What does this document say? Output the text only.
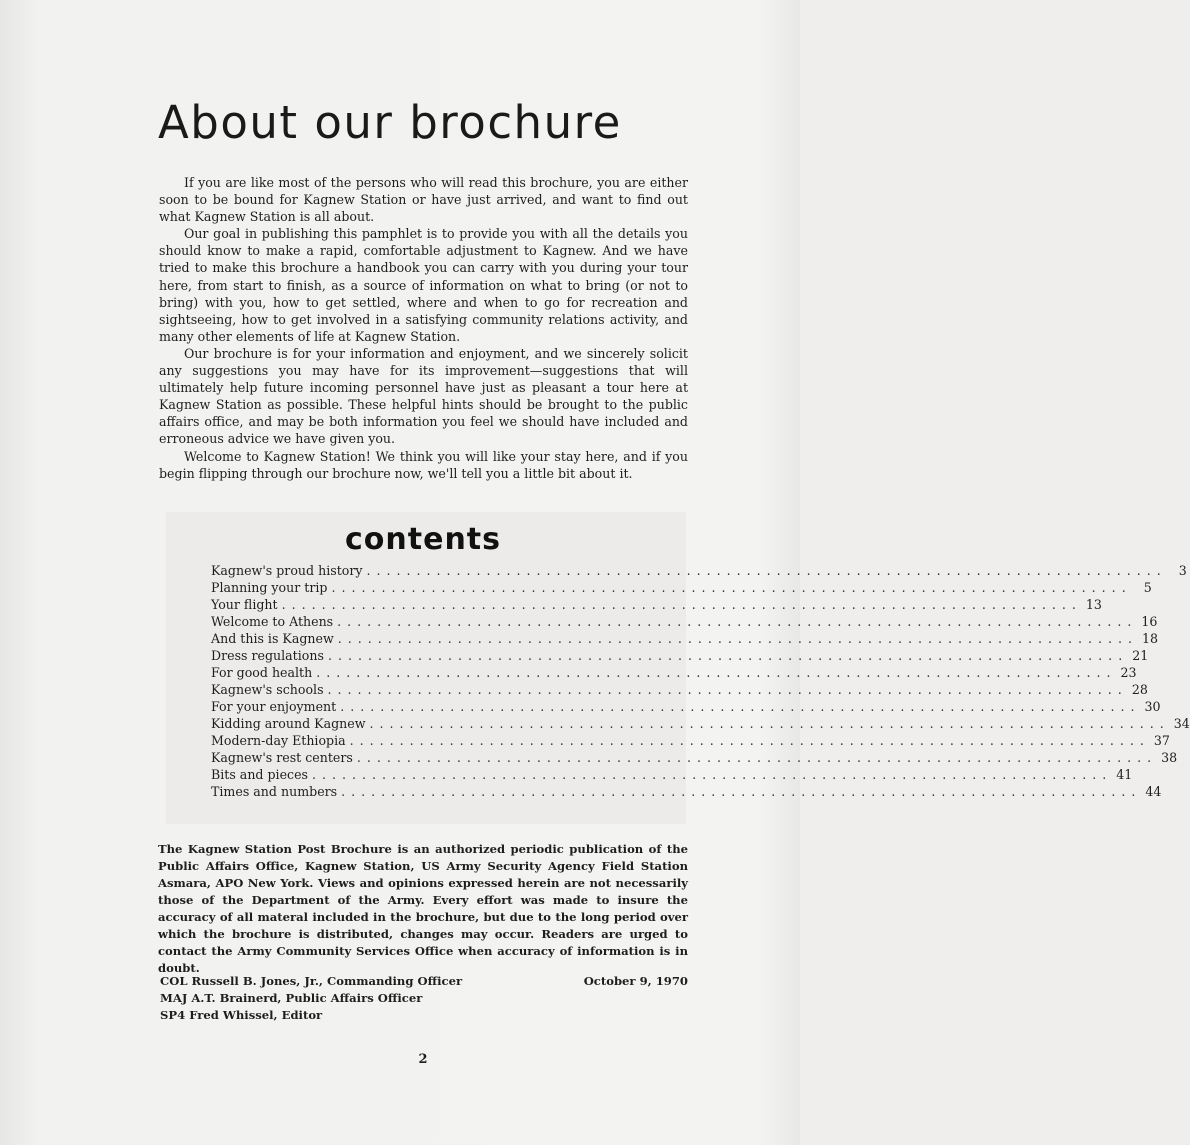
About our brochure

If you are like most of the persons who will read this brochure, you are either soon to be bound for Kagnew Station or have just arrived, and want to find out what Kagnew Station is all about.

Our goal in publishing this pamphlet is to provide you with all the details you should know to make a rapid, comfortable adjustment to Kagnew. And we have tried to make this brochure a handbook you can carry with you during your tour here, from start to finish, as a source of information on what to bring (or not to bring) with you, how to get settled, where and when to go for recreation and sightseeing, how to get involved in a satisfying community relations activity, and many other elements of life at Kagnew Station.

Our brochure is for your information and enjoyment, and we sincerely solicit any suggestions you may have for its improvement—suggestions that will ultimately help future incoming personnel have just as pleasant a tour here at Kagnew Station as possible. These helpful hints should be brought to the public affairs office, and may be both information you feel we should have included and erroneous advice we have given you.

Welcome to Kagnew Station! We think you will like your stay here, and if you begin flipping through our brochure now, we'll tell you a little bit about it.

contents
Kagnew's proud history ................................................................................ 3
Planning your trip ................................................................................ 5
Your flight ................................................................................ 13
Welcome to Athens ................................................................................ 16
And this is Kagnew ................................................................................ 18
Dress regulations ................................................................................ 21
For good health ................................................................................ 23
Kagnew's schools ................................................................................ 28
For your enjoyment ................................................................................ 30
Kidding around Kagnew ................................................................................ 34
Modern-day Ethiopia ................................................................................ 37
Kagnew's rest centers ................................................................................ 38
Bits and pieces ................................................................................ 41
Times and numbers ................................................................................ 44
The Kagnew Station Post Brochure is an authorized periodic publication of the Public Affairs Office, Kagnew Station, US Army Security Agency Field Station Asmara, APO New York. Views and opinions expressed herein are not necessarily those of the Department of the Army. Every effort was made to insure the accuracy of all materal included in the brochure, but due to the long period over which the brochure is distributed, changes may occur. Readers are urged to contact the Army Community Services Office when accuracy of information is in doubt.
COL Russell B. Jones, Jr., Commanding Officer
MAJ A.T. Brainerd, Public Affairs Officer
SP4 Fred Whissel, Editor
October 9, 1970
2
